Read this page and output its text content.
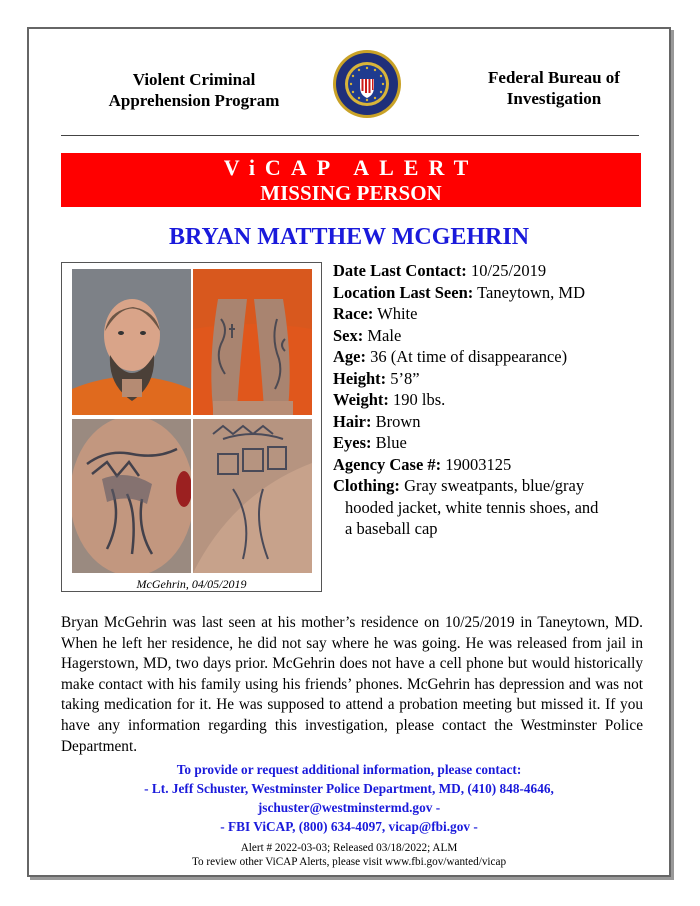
Violent Criminal
Apprehension Program
Federal Bureau of
Investigation
ViCAP ALERT
MISSING PERSON
BRYAN MATTHEW MCGEHRIN
McGehrin, 04/05/2019
Date Last Contact: 10/25/2019
Location Last Seen: Taneytown, MD
Race: White
Sex: Male
Age: 36 (At time of disappearance)
Height: 5’8”
Weight: 190 lbs.
Hair: Brown
Eyes: Blue
Agency Case #: 19003125
Clothing: Gray sweatpants, blue/gray
hooded jacket, white tennis shoes, and
a baseball cap
Bryan McGehrin was last seen at his mother’s residence on 10/25/2019 in Taneytown, MD. When he left her residence, he did not say where he was going. He was released from jail in Hagerstown, MD, two days prior. McGehrin does not have a cell phone but would historically make contact with his family using his friends’ phones. McGehrin has depression and was not taking medication for it. He was supposed to attend a probation meeting but missed it. If you have any information regarding this investigation, please contact the Westminster Police Department.
To provide or request additional information, please contact:
- Lt. Jeff Schuster, Westminster Police Department, MD, (410) 848-4646,
jschuster@westminstermd.gov -
- FBI ViCAP, (800) 634-4097, vicap@fbi.gov -
Alert # 2022-03-03; Released 03/18/2022; ALM
To review other ViCAP Alerts, please visit www.fbi.gov/wanted/vicap
